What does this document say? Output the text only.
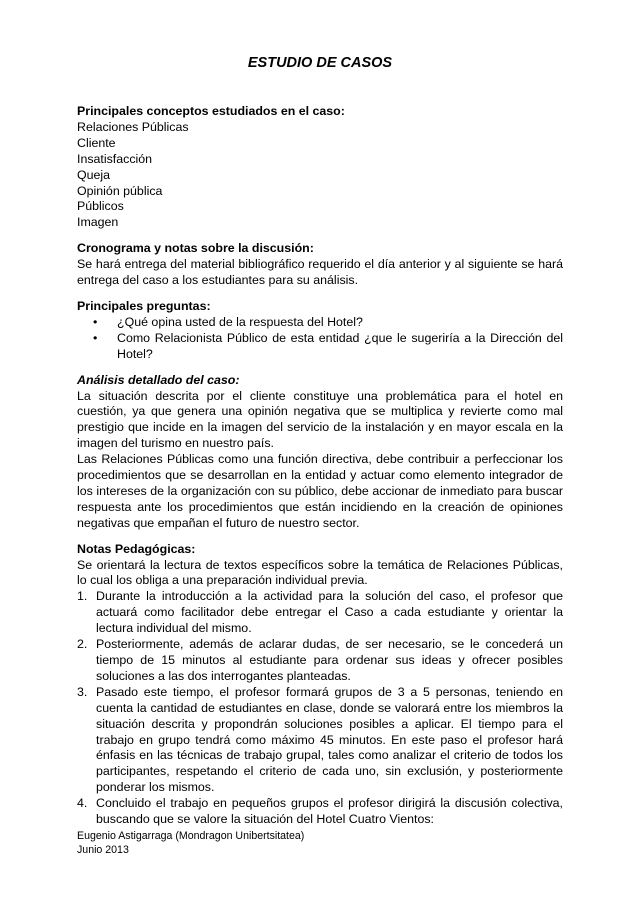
ESTUDIO DE CASOS
Principales conceptos estudiados en el caso:
Relaciones Públicas
Cliente
Insatisfacción
Queja
Opinión pública
Públicos
Imagen
Cronograma y notas sobre la discusión:
Se hará entrega del material bibliográfico requerido el día anterior y al siguiente se hará entrega del caso a los estudiantes para su análisis.
Principales preguntas:
• ¿Qué opina usted de la respuesta del Hotel?
• Como Relacionista Público de esta entidad ¿que le sugeriría a la Dirección del Hotel?
Análisis detallado del caso:
La situación descrita por el cliente constituye una problemática para el hotel en cuestión, ya que genera una opinión negativa que se multiplica y revierte como mal prestigio que incide en la imagen del servicio de la instalación y en mayor escala en la imagen del turismo en nuestro país.
Las Relaciones Públicas como una función directiva, debe contribuir a perfeccionar los procedimientos que se desarrollan en la entidad y actuar como elemento integrador de los intereses de la organización con su público, debe accionar de inmediato para buscar respuesta ante los procedimientos que están incidiendo en la creación de opiniones negativas que empañan el futuro de nuestro sector.
Notas Pedagógicas:
Se orientará la lectura de textos específicos sobre la temática de Relaciones Públicas, lo cual los obliga a una preparación individual previa.
1. Durante la introducción a la actividad para la solución del caso, el profesor que actuará como facilitador debe entregar el Caso a cada estudiante y orientar la lectura individual del mismo.
2. Posteriormente, además de aclarar dudas, de ser necesario, se le concederá un tiempo de 15 minutos al estudiante para ordenar sus ideas y ofrecer posibles soluciones a las dos interrogantes planteadas.
3. Pasado este tiempo, el profesor formará grupos de 3 a 5 personas, teniendo en cuenta la cantidad de estudiantes en clase, donde se valorará entre los miembros la situación descrita y propondrán soluciones posibles a aplicar. El tiempo para el trabajo en grupo tendrá como máximo 45 minutos. En este paso el profesor hará énfasis en las técnicas de trabajo grupal, tales como analizar el criterio de todos los participantes, respetando el criterio de cada uno, sin exclusión, y posteriormente ponderar los mismos.
4. Concluido el trabajo en pequeños grupos el profesor dirigirá la discusión colectiva, buscando que se valore la situación del Hotel Cuatro Vientos:
Eugenio Astigarraga (Mondragon Unibertsitatea)
Junio 2013
